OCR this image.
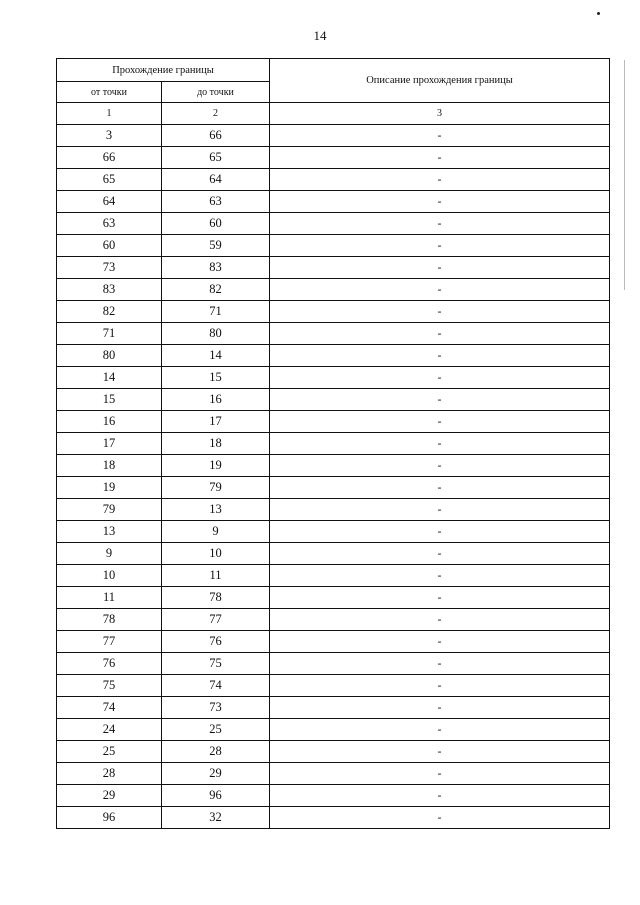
14
Прохождение границы		Описание прохождения границы
от точки	до точки	
1	2	3
3	66	-
66	65	-
65	64	-
64	63	-
63	60	-
60	59	-
73	83	-
83	82	-
82	71	-
71	80	-
80	14	-
14	15	-
15	16	-
16	17	-
17	18	-
18	19	-
19	79	-
79	13	-
13	9	-
9	10	-
10	11	-
11	78	-
78	77	-
77	76	-
76	75	-
75	74	-
74	73	-
24	25	-
25	28	-
28	29	-
29	96	-
96	32	-
